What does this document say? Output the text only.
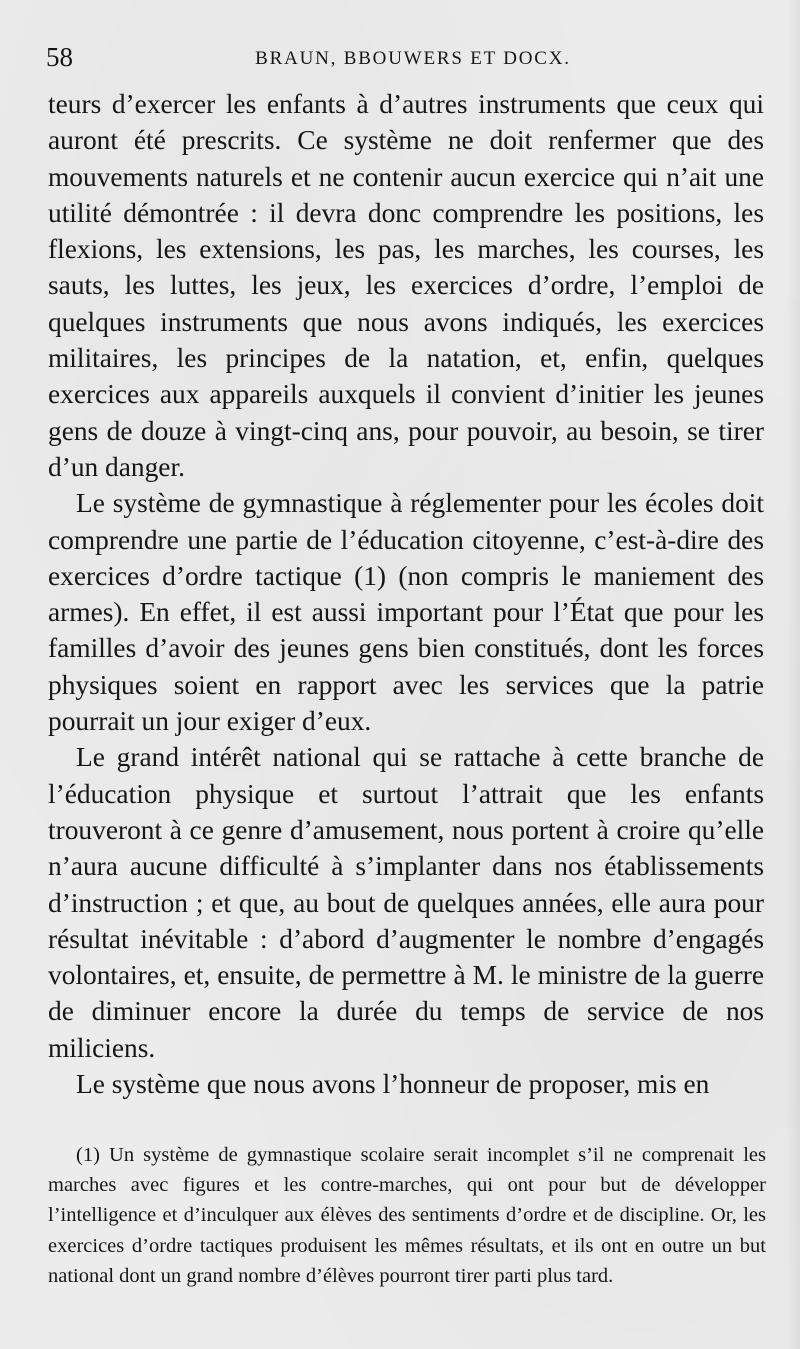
58	BRAUN, BBOUWERS ET DOCX.

teurs d’exercer les enfants à d’autres instruments que ceux qui auront été prescrits. Ce système ne doit renfermer que des mouvements naturels et ne contenir aucun exercice qui n’ait une utilité démontrée : il devra donc comprendre les positions, les flexions, les extensions, les pas, les marches, les courses, les sauts, les luttes, les jeux, les exercices d’ordre, l’emploi de quelques instruments que nous avons indiqués, les exercices militaires, les principes de la natation, et, enfin, quelques exercices aux appareils auxquels il convient d’initier les jeunes gens de douze à vingt-cinq ans, pour pouvoir, au besoin, se tirer d’un danger.

Le système de gymnastique à réglementer pour les écoles doit comprendre une partie de l’éducation citoyenne, c’est-à-dire des exercices d’ordre tactique (1) (non compris le maniement des armes). En effet, il est aussi important pour l’État que pour les familles d’avoir des jeunes gens bien constitués, dont les forces physiques soient en rapport avec les services que la patrie pourrait un jour exiger d’eux.

Le grand intérêt national qui se rattache à cette branche de l’éducation physique et surtout l’attrait que les enfants trouveront à ce genre d’amusement, nous portent à croire qu’elle n’aura aucune difficulté à s’implanter dans nos établissements d’instruction ; et que, au bout de quelques années, elle aura pour résultat inévitable : d’abord d’augmenter le nombre d’engagés volontaires, et, ensuite, de permettre à M. le ministre de la guerre de diminuer encore la durée du temps de service de nos miliciens.

Le système que nous avons l’honneur de proposer, mis en

(1) Un système de gymnastique scolaire serait incomplet s’il ne comprenait les marches avec figures et les contre-marches, qui ont pour but de développer l’intelligence et d’inculquer aux élèves des sentiments d’ordre et de discipline. Or, les exercices d’ordre tactiques produisent les mêmes résultats, et ils ont en outre un but national dont un grand nombre d’élèves pourront tirer parti plus tard.
